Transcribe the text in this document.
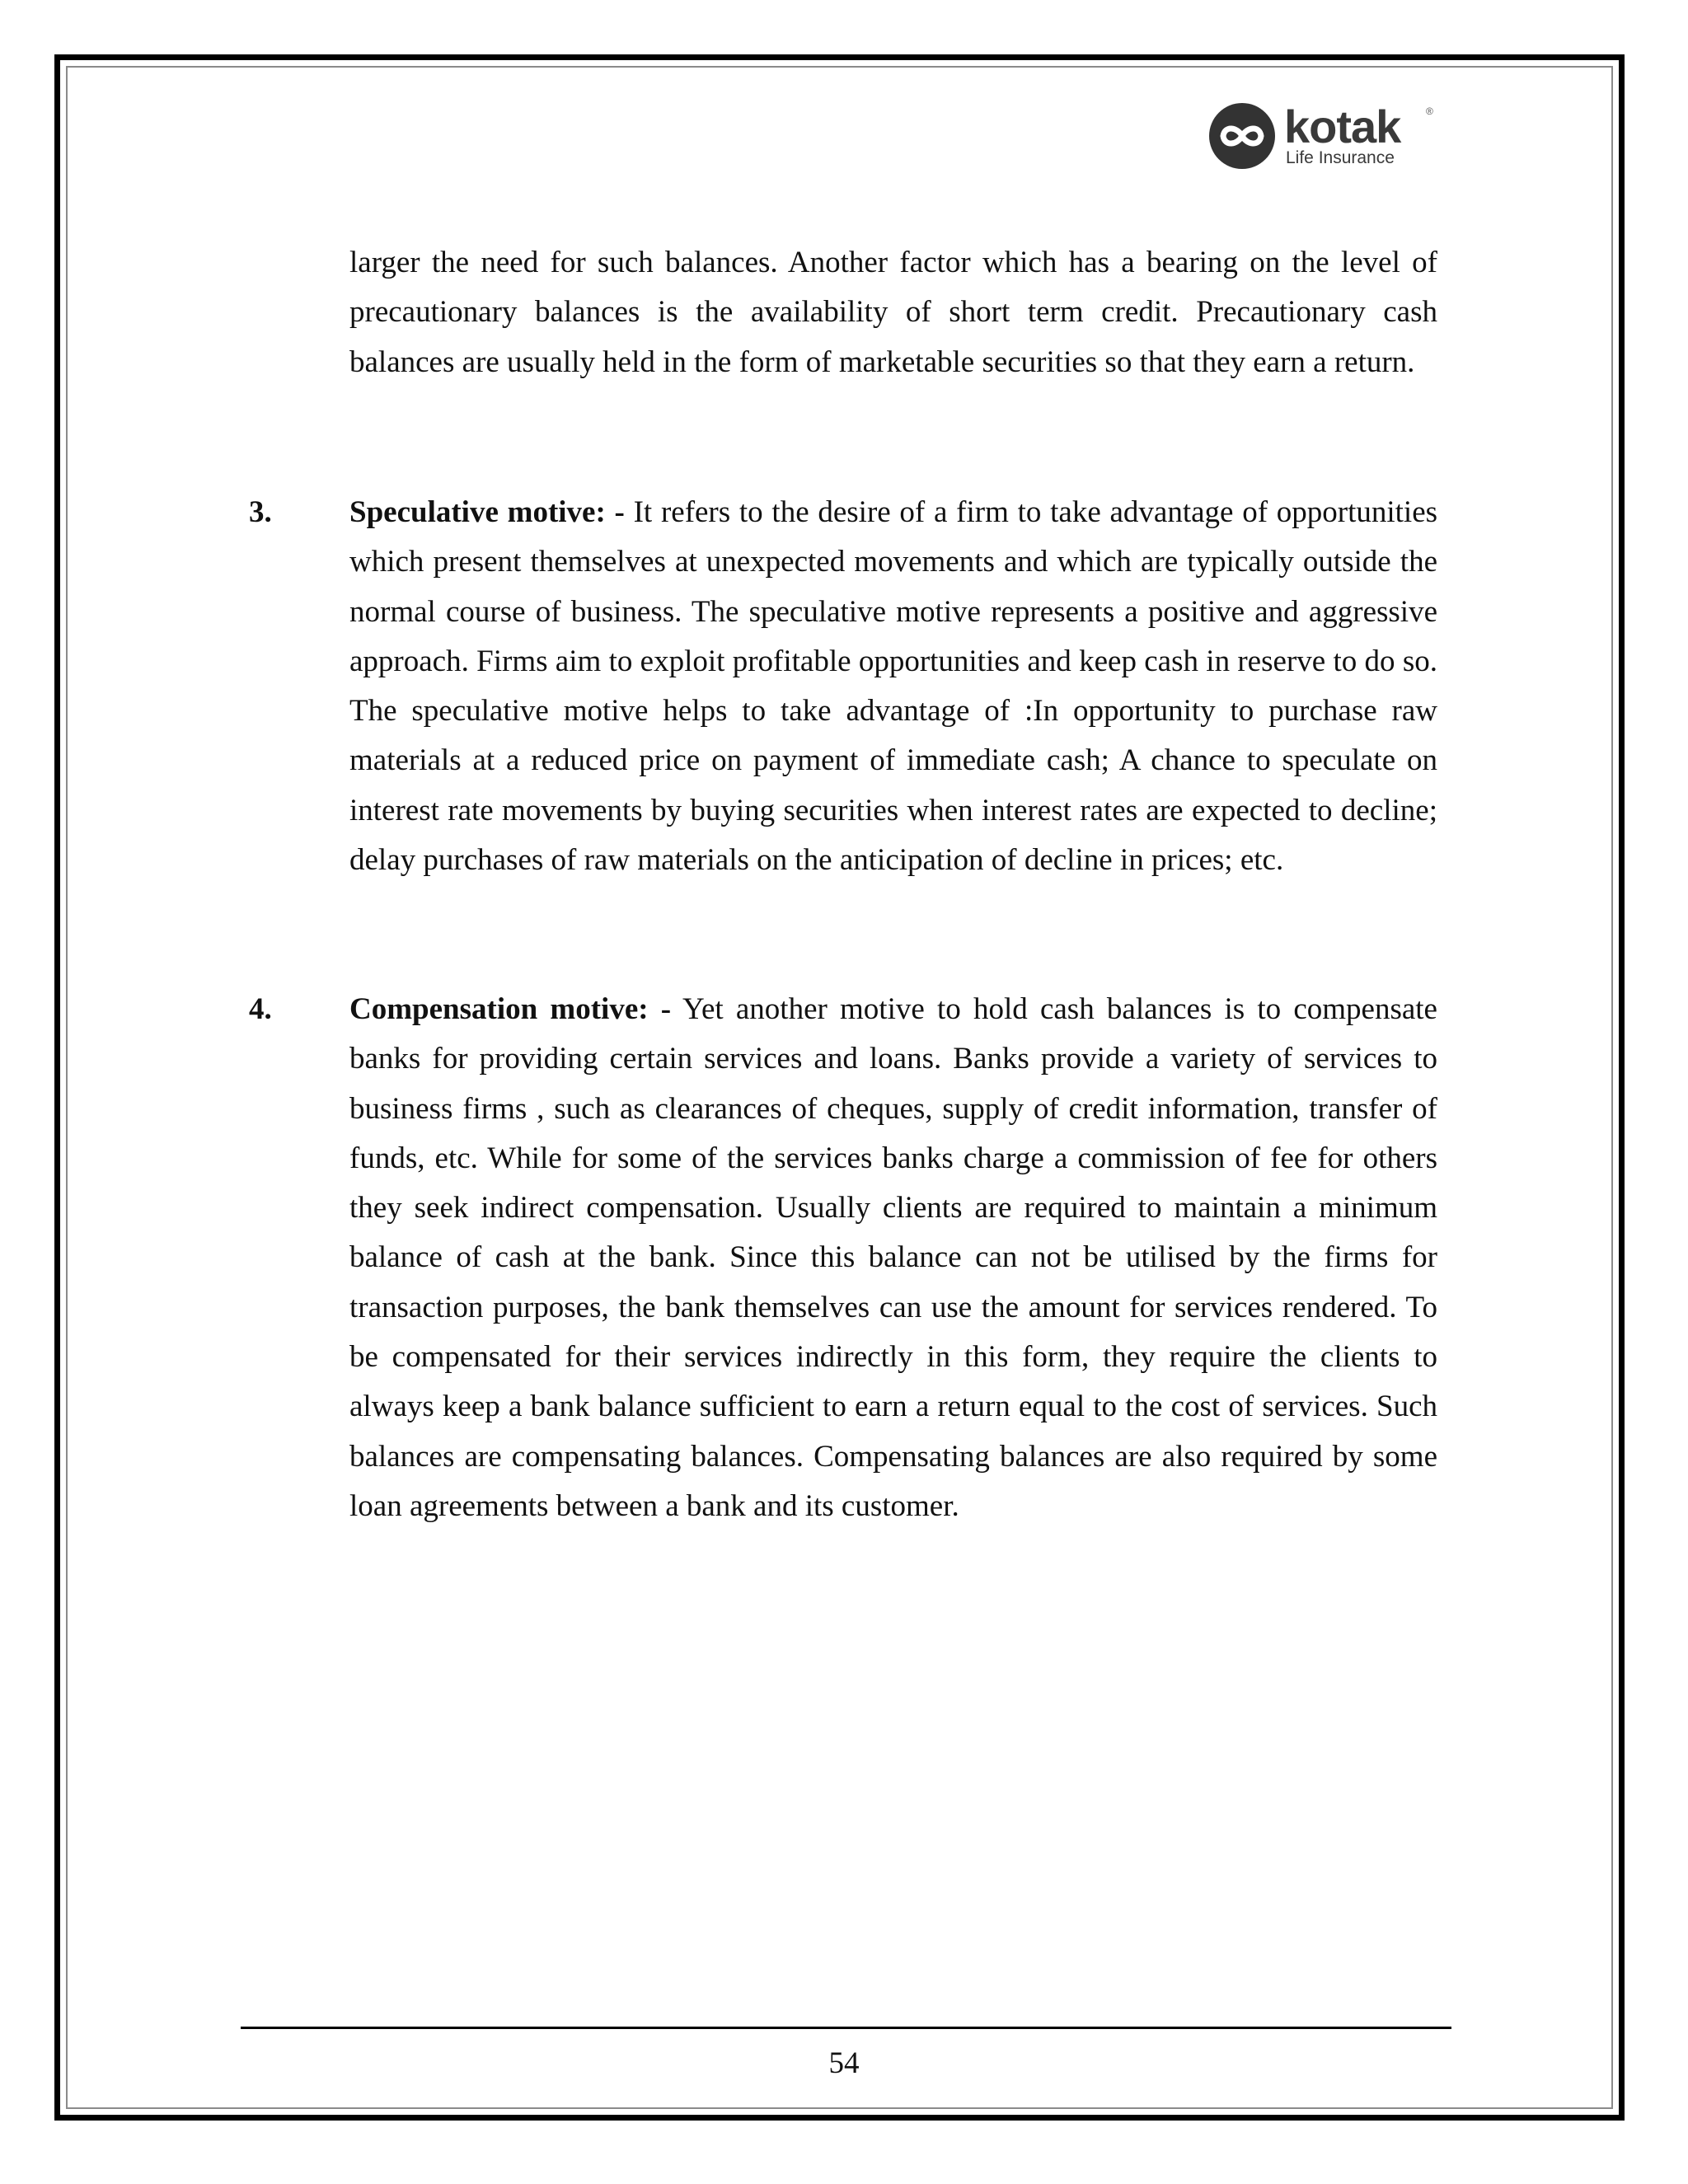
kotak	®
Life Insurance

larger the need for such balances. Another factor which has a bearing on the level of precautionary balances is the availability of short term credit. Precautionary cash balances are usually held in the form of marketable securities so that they earn a return.

3.	Speculative motive: - It refers to the desire of a firm to take advantage of opportunities which present themselves at unexpected movements and which are typically outside the normal course of business. The speculative motive represents a positive and aggressive approach. Firms aim to exploit profitable opportunities and keep cash in reserve to do so. The speculative motive helps to take advantage of :In opportunity to purchase raw materials at a reduced price on payment of immediate cash; A chance to speculate on interest rate movements by buying securities when interest rates are expected to decline; delay purchases of raw materials on the anticipation of decline in prices; etc.

4.	Compensation motive: - Yet another motive to hold cash balances is to compensate banks for providing certain services and loans. Banks provide a variety of services to business firms , such as clearances of cheques, supply of credit information, transfer of funds, etc. While for some of the services banks charge a commission of fee for others they seek indirect compensation. Usually clients are required to maintain a minimum balance of cash at the bank. Since this balance can not be utilised by the firms for transaction purposes, the bank themselves can use the amount for services rendered. To be compensated for their services indirectly in this form, they require the clients to always keep a bank balance sufficient to earn a return equal to the cost of services. Such balances are compensating balances. Compensating balances are also required by some loan agreements between a bank and its customer.

54
